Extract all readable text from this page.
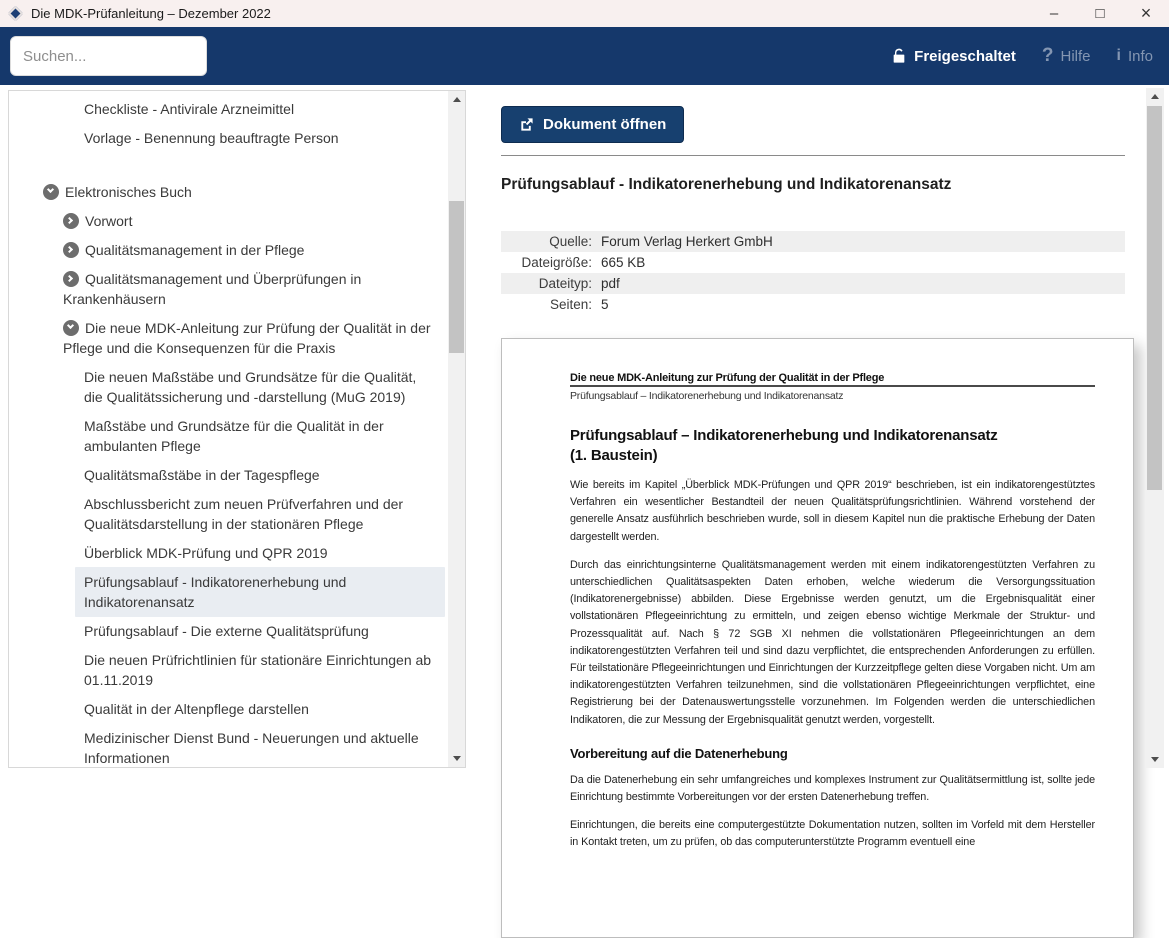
Die MDK-Prüfanleitung – Dezember 2022	–	□	×
Suchen...
Freigeschaltet ? Hilfe i Info
Checkliste - Antivirale Arzneimittel
Vorlage - Benennung beauftragte Person
Elektronisches Buch
Vorwort
Qualitätsmanagement in der Pflege
Qualitätsmanagement und Überprüfungen in Krankenhäusern
Die neue MDK-Anleitung zur Prüfung der Qualität in der Pflege und die Konsequenzen für die Praxis
Die neuen Maßstäbe und Grundsätze für die Qualität, die Qualitätssicherung und -darstellung (MuG 2019)
Maßstäbe und Grundsätze für die Qualität in der ambulanten Pflege
Qualitätsmaßstäbe in der Tagespflege
Abschlussbericht zum neuen Prüfverfahren und der Qualitätsdarstellung in der stationären Pflege
Überblick MDK-Prüfung und QPR 2019
Prüfungsablauf - Indikatorenerhebung und Indikatorenansatz
Prüfungsablauf - Die externe Qualitätsprüfung
Die neuen Prüfrichtlinien für stationäre Einrichtungen ab 01.11.2019
Qualität in der Altenpflege darstellen
Medizinischer Dienst Bund - Neuerungen und aktuelle Informationen
Dokument öffnen
Prüfungsablauf - Indikatorenerhebung und Indikatorenansatz
Quelle: Forum Verlag Herkert GmbH
Dateigröße: 665 KB
Dateityp: pdf
Seiten: 5
Die neue MDK-Anleitung zur Prüfung der Qualität in der Pflege
Prüfungsablauf – Indikatorenerhebung und Indikatorenansatz
Prüfungsablauf – Indikatorenerhebung und Indikatorenansatz
(1. Baustein)

Wie bereits im Kapitel „Überblick MDK-Prüfungen und QPR 2019“ beschrieben, ist ein indikatorengestütztes Verfahren ein wesentlicher Bestandteil der neuen Qualitätsprüfungsrichtlinien. Während vorstehend der generelle Ansatz ausführlich beschrieben wurde, soll in diesem Kapitel nun die praktische Erhebung der Daten dargestellt werden.

Durch das einrichtungsinterne Qualitätsmanagement werden mit einem indikatorengestützten Verfahren zu unterschiedlichen Qualitätsaspekten Daten erhoben, welche wiederum die Versorgungssituation (Indikatorenergebnisse) abbilden. Diese Ergebnisse werden genutzt, um die Ergebnisqualität einer vollstationären Pflegeeinrichtung zu ermitteln, und zeigen ebenso wichtige Merkmale der Struktur- und Prozessqualität auf. Nach § 72 SGB XI nehmen die vollstationären Pflegeeinrichtungen an dem indikatorengestützten Verfahren teil und sind dazu verpflichtet, die entsprechenden Anforderungen zu erfüllen. Für teilstationäre Pflegeeinrichtungen und Einrichtungen der Kurzzeitpflege gelten diese Vorgaben nicht. Um am indikatorengestützten Verfahren teilzunehmen, sind die vollstationären Pflegeeinrichtungen verpflichtet, eine Registrierung bei der Datenauswertungsstelle vorzunehmen. Im Folgenden werden die unterschiedlichen Indikatoren, die zur Messung der Ergebnisqualität genutzt werden, vorgestellt.

Vorbereitung auf die Datenerhebung

Da die Datenerhebung ein sehr umfangreiches und komplexes Instrument zur Qualitätsermittlung ist, sollte jede Einrichtung bestimmte Vorbereitungen vor der ersten Datenerhebung treffen.

Einrichtungen, die bereits eine computergestützte Dokumentation nutzen, sollten im Vorfeld mit dem Hersteller in Kontakt treten, um zu prüfen, ob das computerunterstützte Programm eventuell eine
